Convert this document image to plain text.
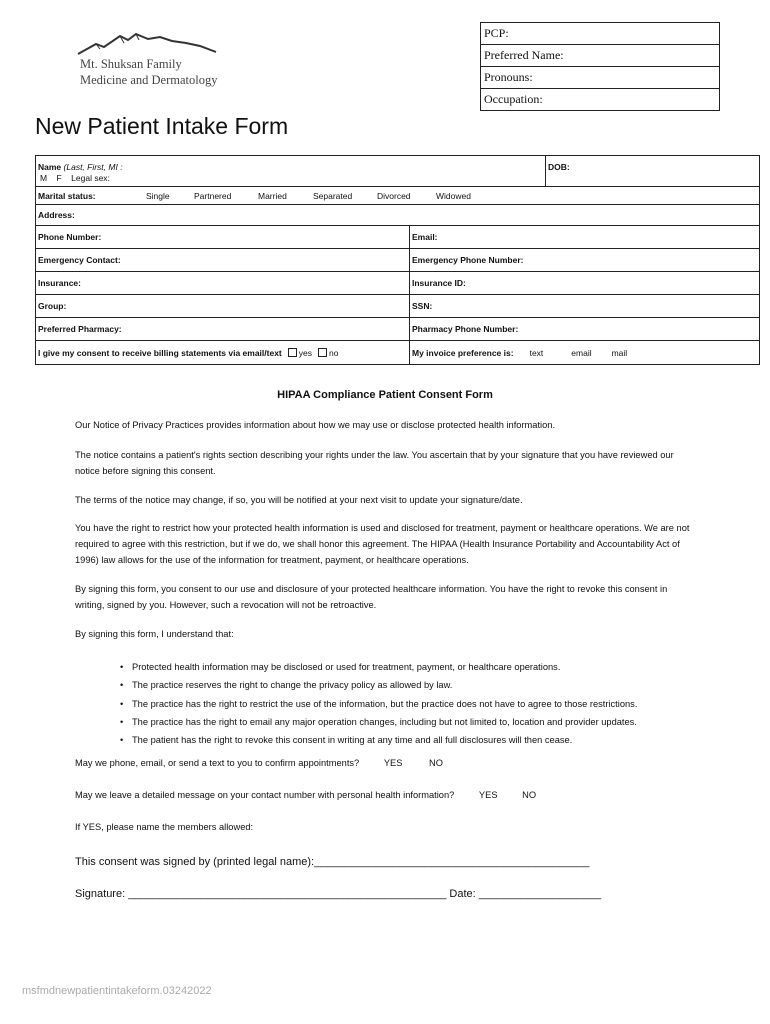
Mt. Shuksan Family
Medicine and Dermatology
PCP:
Preferred Name:
Pronouns:
Occupation:
New Patient Intake Form
Name (Last, First, MI :
M    F    Legal sex:
DOB:
Marital status:	Single	Partnered	Married	Separated	Divorced	Widowed
Address:
Phone Number:	Email:
Emergency Contact:	Emergency Phone Number:
Insurance:	Insurance ID:
Group:	SSN:
Preferred Pharmacy:	Pharmacy Phone Number:
I give my consent to receive billing statements via email/text yes no	My invoice preference is: text	email mail
HIPAA Compliance Patient Consent Form
Our Notice of Privacy Practices provides information about how we may use or disclose protected health information.
The notice contains a patient's rights section describing your rights under the law. You ascertain that by your signature that you have reviewed our notice before signing this consent.
The terms of the notice may change, if so, you will be notified at your next visit to update your signature/date.
You have the right to restrict how your protected health information is used and disclosed for treatment, payment or healthcare operations. We are not required to agree with this restriction, but if we do, we shall honor this agreement. The HIPAA (Health Insurance Portability and Accountability Act of 1996) law allows for the use of the information for treatment, payment, or healthcare operations.
By signing this form, you consent to our use and disclosure of your protected healthcare information. You have the right to revoke this consent in writing, signed by you. However, such a revocation will not be retroactive.
By signing this form, I understand that:
• Protected health information may be disclosed or used for treatment, payment, or healthcare operations.
• The practice reserves the right to change the privacy policy as allowed by law.
• The practice has the right to restrict the use of the information, but the practice does not have to agree to those restrictions.
• The practice has the right to email any major operation changes, including but not limited to, location and provider updates.
• The patient has the right to revoke this consent in writing at any time and all full disclosures will then cease.
May we phone, email, or send a text to you to confirm appointments?	YES	NO
May we leave a detailed message on your contact number with personal health information?	YES	NO
If YES, please name the members allowed:
This consent was signed by (printed legal name):_____________________________________________
Signature: ____________________________________________________ Date: ____________________
msfmdnewpatientintakeform.03242022
